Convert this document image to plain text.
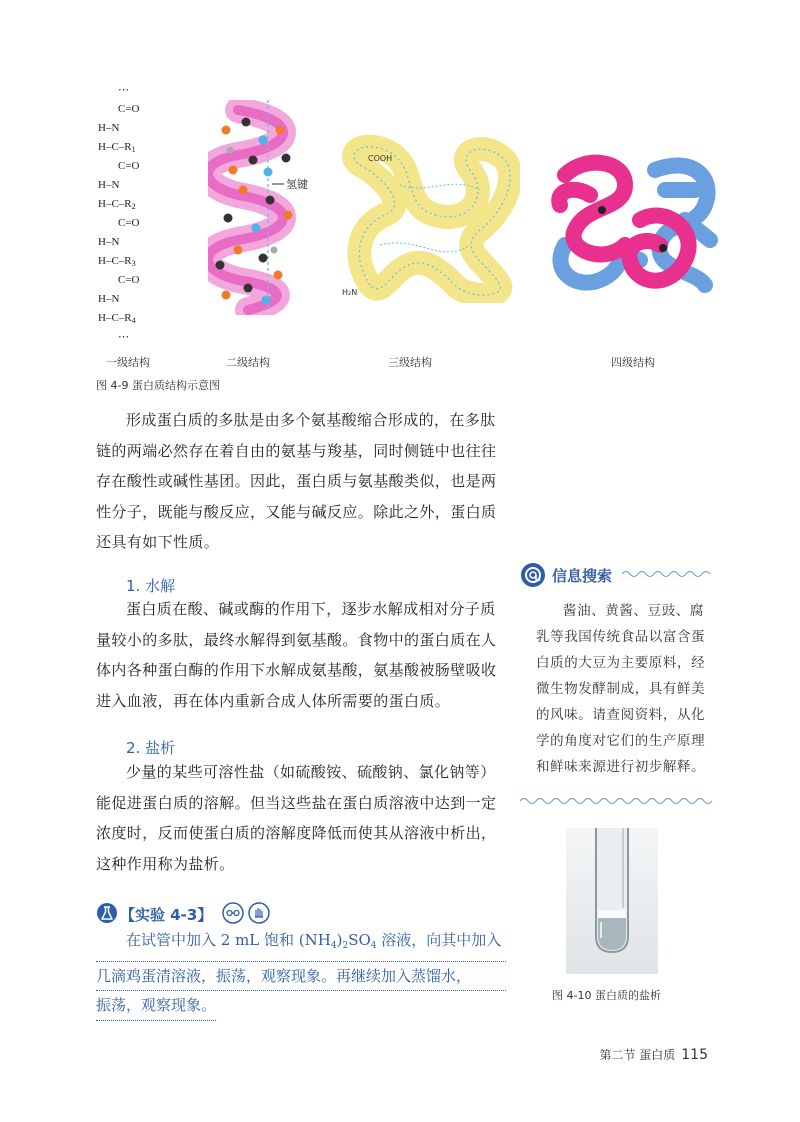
⋯
C=O
H–N
$H-C-R_1$
C=O
H–N
$H-C-R_2$
C=O
H–N
$H-C-R_3$
C=O
H–N
$H-C-R_4$
⋯
氢键
COOH
H₂N
一级结构	二级结构	三级结构	四级结构
图 4-9 蛋白质结构示意图

形成蛋白质的多肽是由多个氨基酸缩合形成的，在多肽链的两端必然存在着自由的氨基与羧基，同时侧链中也往往存在酸性或碱性基团。因此，蛋白质与氨基酸类似，也是两性分子，既能与酸反应，又能与碱反应。除此之外，蛋白质还具有如下性质。

1. 水解

蛋白质在酸、碱或酶的作用下，逐步水解成相对分子质量较小的多肽，最终水解得到氨基酸。食物中的蛋白质在人体内各种蛋白酶的作用下水解成氨基酸，氨基酸被肠壁吸收进入血液，再在体内重新合成人体所需要的蛋白质。

2. 盐析

少量的某些可溶性盐（如硫酸铵、硫酸钠、氯化钠等）能促进蛋白质的溶解。但当这些盐在蛋白质溶液中达到一定浓度时，反而使蛋白质的溶解度降低而使其从溶液中析出，这种作用称为盐析。

【实验 4-3】
在试管中加入 2 mL 饱和 $(NH_4)_2SO_4$ 溶液，向其中加入
几滴鸡蛋清溶液，振荡，观察现象。再继续加入蒸馏水，
振荡，观察现象。
信息搜索

酱油、黄酱、豆豉、腐乳等我国传统食品以富含蛋白质的大豆为主要原料，经微生物发酵制成，具有鲜美的风味。请查阅资料，从化学的角度对它们的生产原理和鲜味来源进行初步解释。

图 4-10 蛋白质的盐析
第二节 蛋白质 115
